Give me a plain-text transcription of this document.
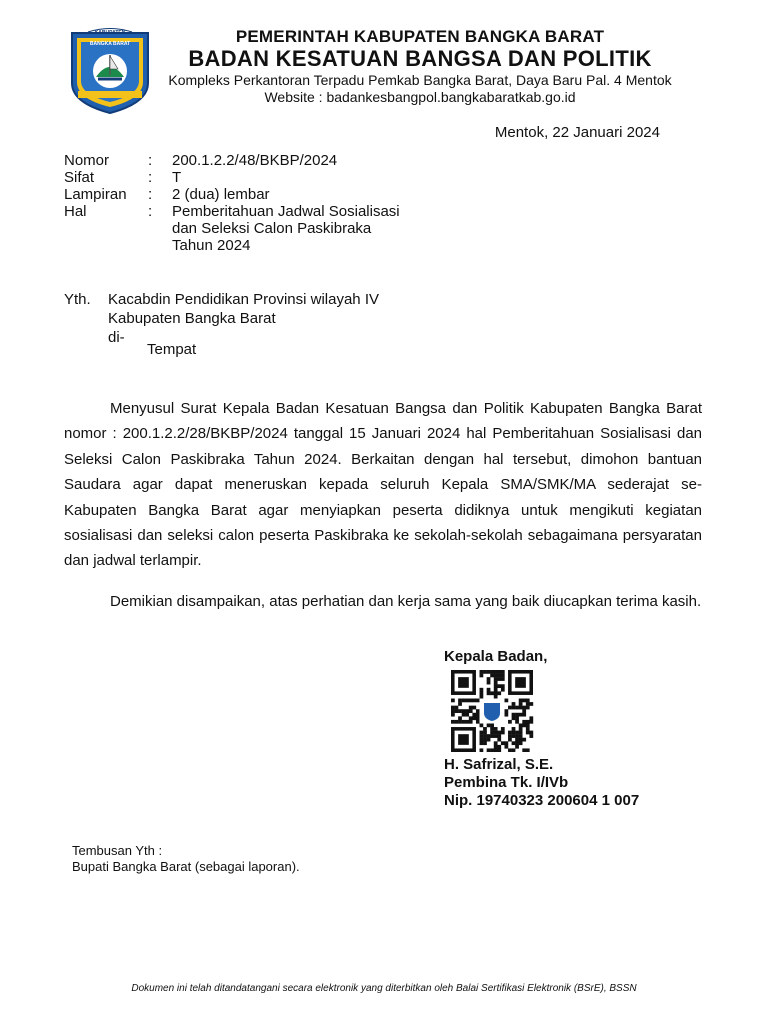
KABUPATEN
BANGKA BARAT	PEMERINTAH KABUPATEN BANGKA BARAT
BADAN KESATUAN BANGSA DAN POLITIK
Kompleks Perkantoran Terpadu Pemkab Bangka Barat, Daya Baru Pal. 4 Mentok
Website : badankesbangpol.bangkabaratkab.go.id
Mentok, 22 Januari 2024
Nomor	:	200.1.2.2/48/BKBP/2024
Sifat	:	T
Lampiran	:	2 (dua) lembar
Hal	:	Pemberitahuan Jadwal Sosialisasi
dan Seleksi Calon Paskibraka
Tahun 2024
Yth. Kacabdin Pendidikan Provinsi wilayah IV
Kabupaten Bangka Barat
di-
Tempat

Menyusul Surat Kepala Badan Kesatuan Bangsa dan Politik Kabupaten Bangka Barat nomor : 200.1.2.2/28/BKBP/2024 tanggal 15 Januari 2024 hal Pemberitahuan Sosialisasi dan Seleksi Calon Paskibraka Tahun 2024. Berkaitan dengan hal tersebut, dimohon bantuan Saudara agar dapat meneruskan kepada seluruh Kepala SMA/SMK/MA sederajat se-Kabupaten Bangka Barat agar menyiapkan peserta didiknya untuk mengikuti kegiatan sosialisasi dan seleksi calon peserta Paskibraka ke sekolah-sekolah sebagaimana persyaratan dan jadwal terlampir.

Demikian disampaikan, atas perhatian dan kerja sama yang baik diucapkan terima kasih.

Kepala Badan,
H. Safrizal, S.E.
Pembina Tk. I/IVb
Nip. 19740323 200604 1 007
Tembusan Yth :
Bupati Bangka Barat (sebagai laporan).
Dokumen ini telah ditandatangani secara elektronik yang diterbitkan oleh Balai Sertifikasi Elektronik (BSrE), BSSN
